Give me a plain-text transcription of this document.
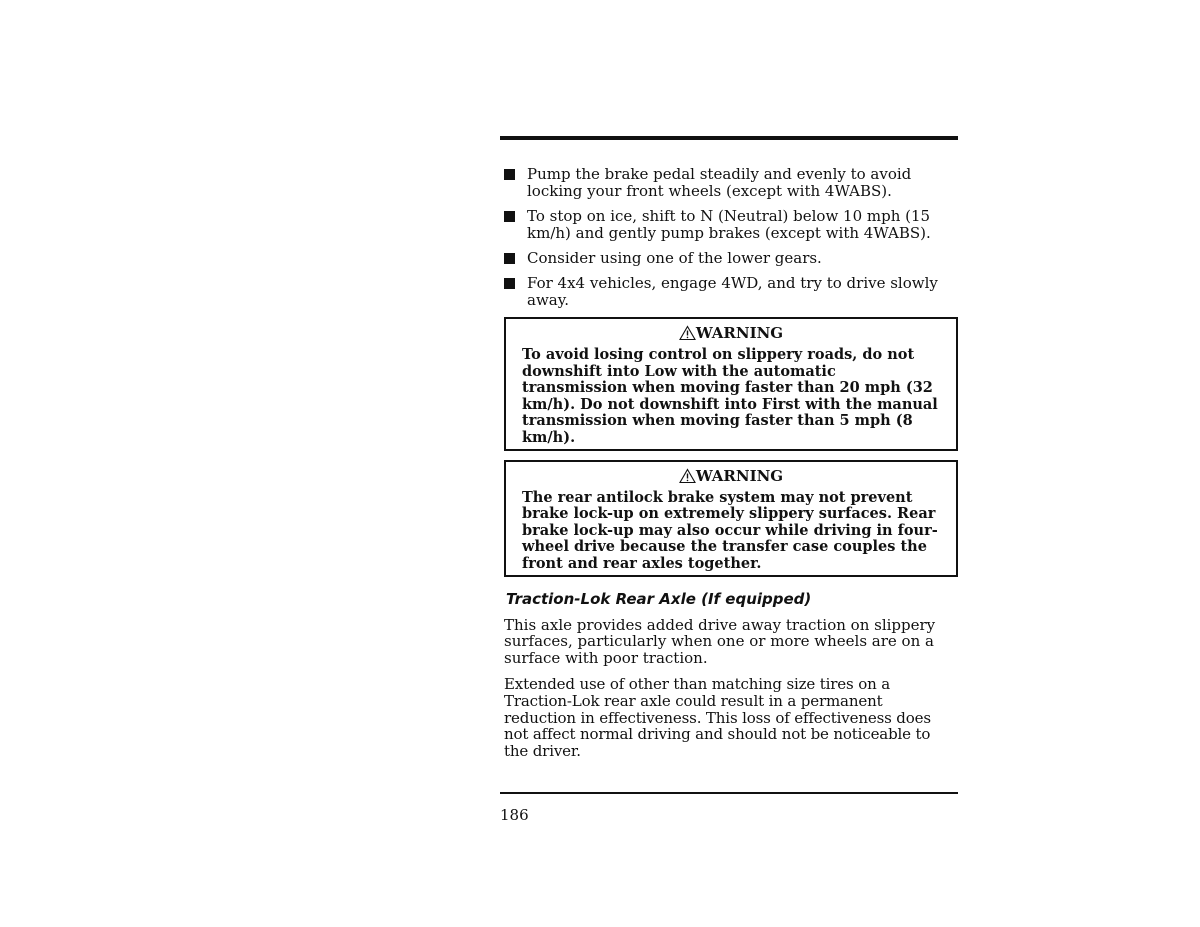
Pump the brake pedal steadily and evenly to avoid locking your front wheels (except with 4WABS).
To stop on ice, shift to N (Neutral) below 10 mph (15 km/h) and gently pump brakes (except with 4WABS).
Consider using one of the lower gears.
For 4x4 vehicles, engage 4WD, and try to drive slowly away.
WARNING
To avoid losing control on slippery roads, do not downshift into Low with the automatic transmission when moving faster than 20 mph (32 km/h). Do not downshift into First with the manual transmission when moving faster than 5 mph (8 km/h).
WARNING
The rear antilock brake system may not prevent brake lock-up on extremely slippery surfaces. Rear brake lock-up may also occur while driving in four-wheel drive because the transfer case couples the front and rear axles together.
Traction-Lok Rear Axle (If equipped)

This axle provides added drive away traction on slippery surfaces, particularly when one or more wheels are on a surface with poor traction.

Extended use of other than matching size tires on a Traction-Lok rear axle could result in a permanent reduction in effectiveness. This loss of effectiveness does not affect normal driving and should not be noticeable to the driver.

186
